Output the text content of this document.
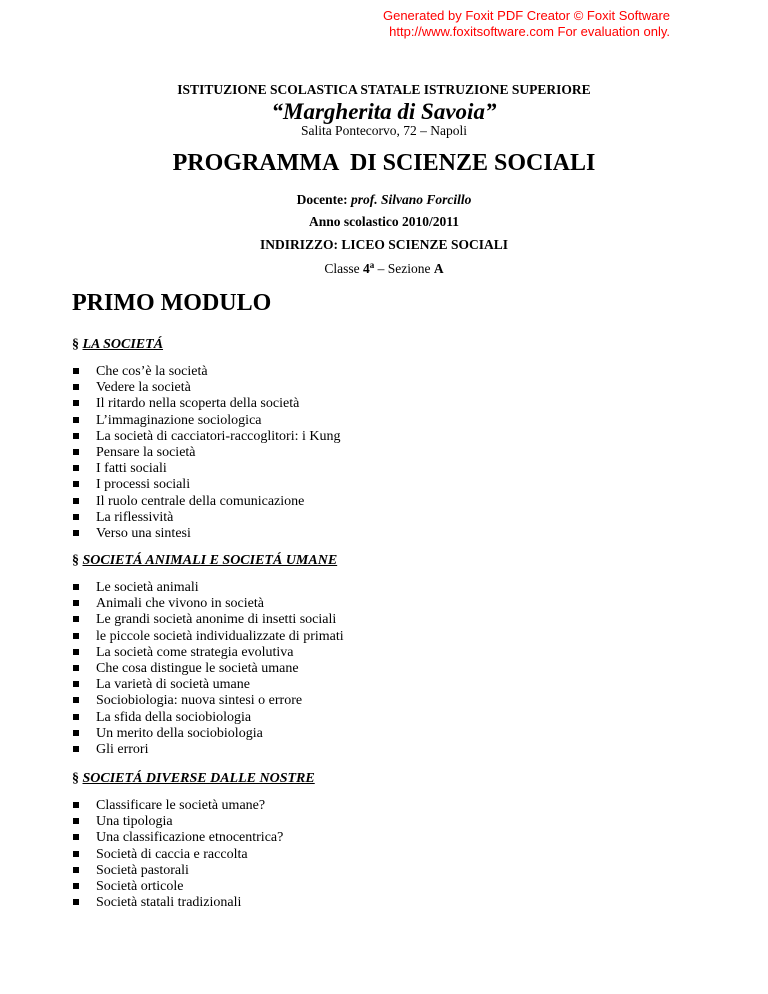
Generated by Foxit PDF Creator © Foxit Software
http://www.foxitsoftware.com For evaluation only.
ISTITUZIONE SCOLASTICA STATALE ISTRUZIONE SUPERIORE
“Margherita di Savoia”
Salita Pontecorvo, 72 – Napoli
PROGRAMMA  DI SCIENZE SOCIALI
Docente: prof. Silvano Forcillo
Anno scolastico 2010/2011
INDIRIZZO: LICEO SCIENZE SOCIALI
Classe 4$^a$ – Sezione A
PRIMO MODULO
§ LA SOCIETÁ
Che cos’è la società
Vedere la società
Il ritardo nella scoperta della società
L’immaginazione sociologica
La società di cacciatori-raccoglitori: i Kung
Pensare la società
I fatti sociali
I processi sociali
Il ruolo centrale della comunicazione
La riflessività
Verso una sintesi
§ SOCIETÁ ANIMALI E SOCIETÁ UMANE
Le società animali
Animali che vivono in società
Le grandi società anonime di insetti sociali
le piccole società individualizzate di primati
La società come strategia evolutiva
Che cosa distingue le società umane
La varietà di società umane
Sociobiologia: nuova sintesi o errore
La sfida della sociobiologia
Un merito della sociobiologia
Gli errori
§ SOCIETÁ DIVERSE DALLE NOSTRE
Classificare le società umane?
Una tipologia
Una classificazione etnocentrica?
Società di caccia e raccolta
Società pastorali
Società orticole
Società statali tradizionali
